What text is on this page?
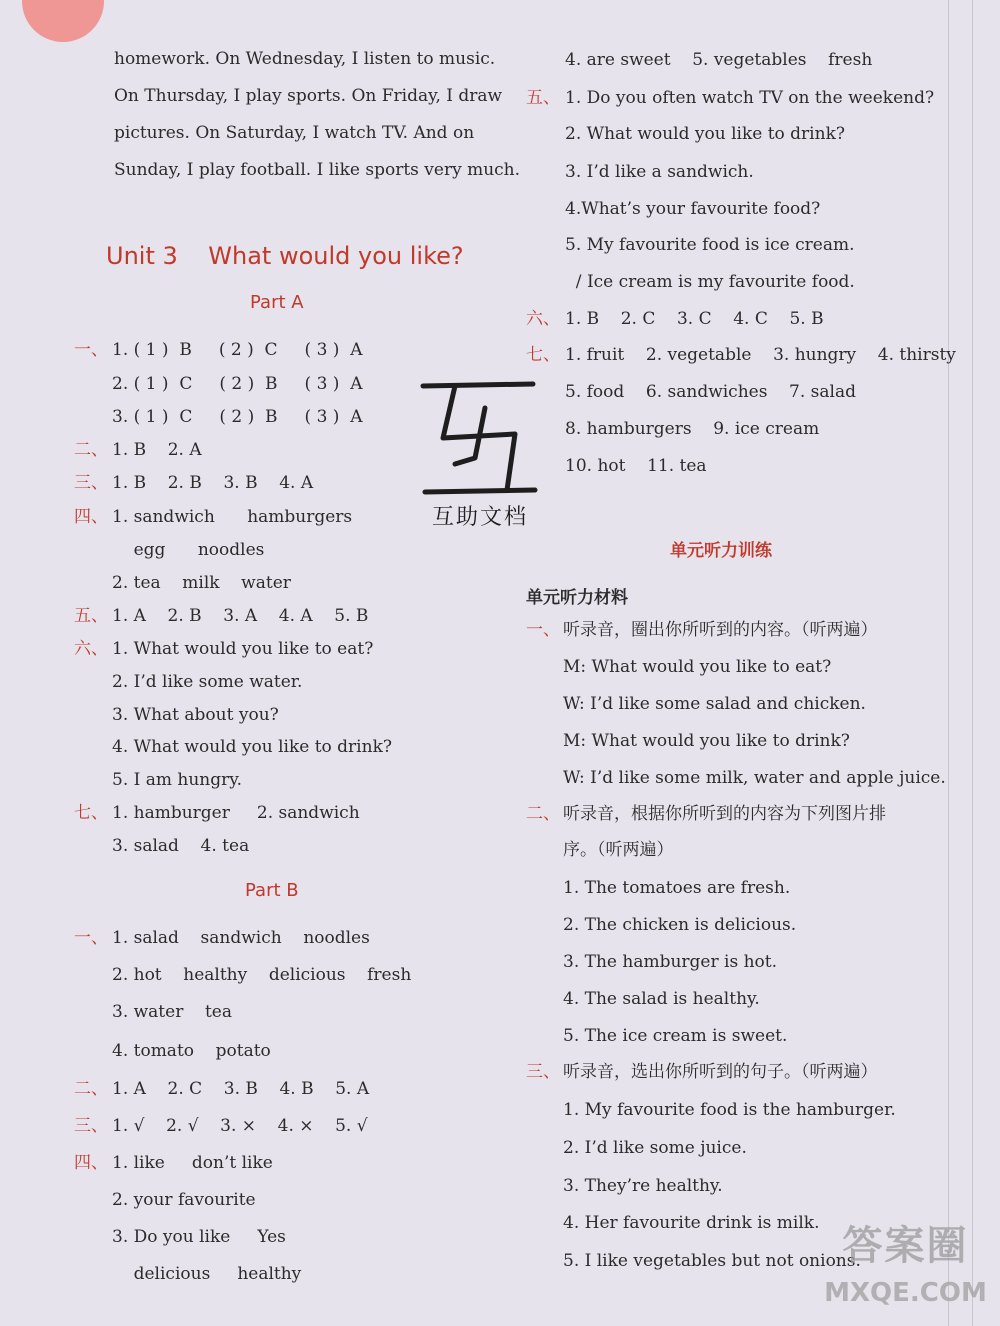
homework. On Wednesday, I listen to music.
On Thursday, I play sports. On Friday, I draw
pictures. On Saturday, I watch TV. And on
Sunday, I play football. I like sports very much.
Unit 3    What would you like?
Part A
一、 1. ( 1 )  B     ( 2 )  C     ( 3 )  A
2. ( 1 )  C     ( 2 )  B     ( 3 )  A
3. ( 1 )  C     ( 2 )  B     ( 3 )  A
二、 1. B    2. A
三、 1. B    2. B    3. B    4. A
四、 1. sandwich      hamburgers
egg      noodles
2. tea    milk    water
五、 1. A    2. B    3. A    4. A    5. B
六、 1. What would you like to eat?
2. I’d like some water.
3. What about you?
4. What would you like to drink?
5. I am hungry.
七、 1. hamburger     2. sandwich
3. salad    4. tea
Part B
一、 1. salad    sandwich    noodles
2. hot    healthy    delicious    fresh
3. water    tea
4. tomato    potato
二、 1. A    2. C    3. B    4. B    5. A
三、 1. √    2. √    3. ×    4. ×    5. √
四、 1. like     don’t like
2. your favourite
3. Do you like     Yes
delicious     healthy
互助文档
4. are sweet    5. vegetables    fresh
五、 1. Do you often watch TV on the weekend?
2. What would you like to drink?
3. I’d like a sandwich.
4.What’s your favourite food?
5. My favourite food is ice cream.
/ Ice cream is my favourite food.
六、 1. B    2. C    3. C    4. C    5. B
七、 1. fruit    2. vegetable    3. hungry    4. thirsty
5. food    6. sandwiches    7. salad
8. hamburgers    9. ice cream
10. hot    11. tea
单元听力训练
单元听力材料
一、 听录音，圈出你所听到的内容。（听两遍）
M: What would you like to eat?
W: I’d like some salad and chicken.
M: What would you like to drink?
W: I’d like some milk, water and apple juice.
二、 听录音，根据你所听到的内容为下列图片排
序。（听两遍）
1. The tomatoes are fresh.
2. The chicken is delicious.
3. The hamburger is hot.
4. The salad is healthy.
5. The ice cream is sweet.
三、 听录音，选出你所听到的句子。（听两遍）
1. My favourite food is the hamburger.
2. I’d like some juice.
3. They’re healthy.
4. Her favourite drink is milk.
5. I like vegetables but not onions.
答案圈
MXQE.COM
